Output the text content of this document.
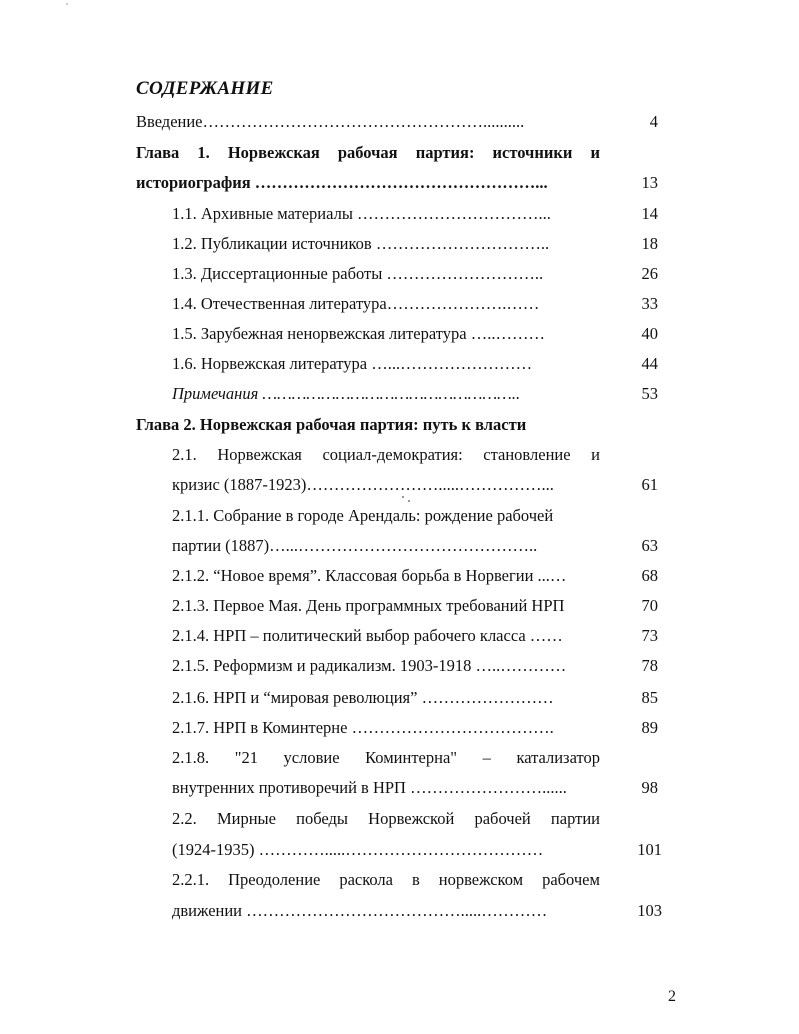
СОДЕРЖАНИЕ
Введение……………………………………………..........	4
Глава 1. Норвежская рабочая партия: источники и
историография ……………………………………………...	13
1.1. Архивные материалы ……………………………...	14
1.2. Публикации источников …………………………..	18
1.3. Диссертационные работы ………………………..	26
1.4. Отечественная литература………………….……	33
1.5. Зарубежная ненорвежская литература …..………	40
1.6. Норвежская литература …...……………………	44
Примечания ……………………………………………..	53
Глава 2. Норвежская рабочая партия: путь к власти
2.1. Норвежская социал-демократия: становление и
кризис (1887-1923)…………………….....……………...	61
2.1.1. Собрание в городе Арендаль: рождение рабочей
партии (1887)…...……………………………………..	63
2.1.2. “Новое время”. Классовая борьба в Норвегии ...…	68
2.1.3. Первое Мая. День программных требований НРП	70
2.1.4. НРП – политический выбор рабочего класса ……	73
2.1.5. Реформизм и радикализм. 1903-1918 …..…………	78
2.1.6. НРП и “мировая революция” ……………………	85
2.1.7. НРП в Коминтерне ……………………………….	89
2.1.8. "21 условие Коминтерна" – катализатор
внутренних противоречий в НРП ……………………......	98
2.2. Мирные победы Норвежской рабочей партии
(1924-1935) ………….....………………………………	101
2.2.1. Преодоление раскола в норвежском рабочем
движении ………………………………….....…………	103
2
